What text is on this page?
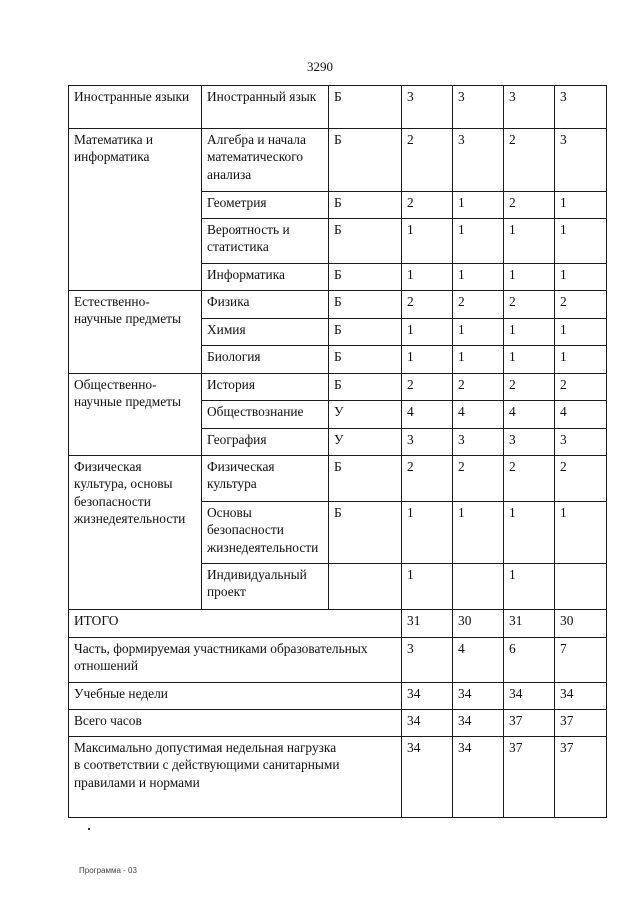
3290
Иностранные языки	Иностранный язык	Б	3	3	3	3
Математика и информатика	Алгебра и начала математического анализа	Б	2	3	2	3
	Геометрия	Б	2	1	2	1
	Вероятность и статистика	Б	1	1	1	1
	Информатика	Б	1	1	1	1
Естественно-научные предметы	Физика	Б	2	2	2	2
	Химия	Б	1	1	1	1
	Биология	Б	1	1	1	1
Общественно-научные предметы	История	Б	2	2	2	2
	Обществознание	У	4	4	4	4
	География	У	3	3	3	3
Физическая культура, основы безопасности жизнедеятельности	Физическая культура	Б	2	2	2	2
	Основы безопасности жизнедеятельности	Б	1	1	1	1
	Индивидуальный проект		1		1	
ИТОГО			31	30	31	30
Часть, формируемая участниками образовательных отношений			3	4	6	7
Учебные недели			34	34	34	34
Всего часов			34	34	37	37
Максимально допустимая недельная нагрузка в соответствии с действующими санитарными правилами и нормами			34	34	37	37
Программа - 03
